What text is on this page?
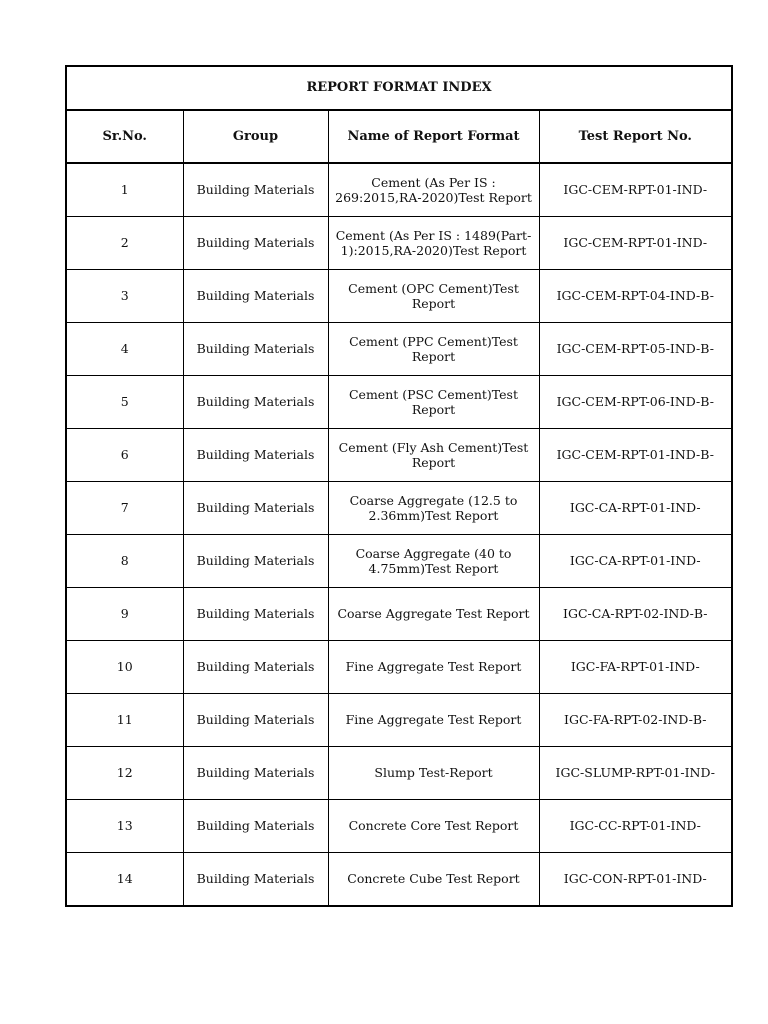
REPORT FORMAT INDEX			
Sr.No.	Group	Name of Report Format	Test Report No.
1	Building Materials	Cement (As Per IS : 269:2015,RA-2020)Test Report	IGC-CEM-RPT-01-IND-
2	Building Materials	Cement (As Per IS : 1489(Part-1):2015,RA-2020)Test Report	IGC-CEM-RPT-01-IND-
3	Building Materials	Cement (OPC Cement)Test Report	IGC-CEM-RPT-04-IND-B-
4	Building Materials	Cement (PPC Cement)Test Report	IGC-CEM-RPT-05-IND-B-
5	Building Materials	Cement (PSC Cement)Test Report	IGC-CEM-RPT-06-IND-B-
6	Building Materials	Cement (Fly Ash Cement)Test Report	IGC-CEM-RPT-01-IND-B-
7	Building Materials	Coarse Aggregate (12.5 to 2.36mm)Test Report	IGC-CA-RPT-01-IND-
8	Building Materials	Coarse Aggregate (40 to 4.75mm)Test Report	IGC-CA-RPT-01-IND-
9	Building Materials	Coarse Aggregate Test Report	IGC-CA-RPT-02-IND-B-
10	Building Materials	Fine Aggregate Test Report	IGC-FA-RPT-01-IND-
11	Building Materials	Fine Aggregate Test Report	IGC-FA-RPT-02-IND-B-
12	Building Materials	Slump Test-Report	IGC-SLUMP-RPT-01-IND-
13	Building Materials	Concrete Core Test Report	IGC-CC-RPT-01-IND-
14	Building Materials	Concrete Cube Test Report	IGC-CON-RPT-01-IND-
